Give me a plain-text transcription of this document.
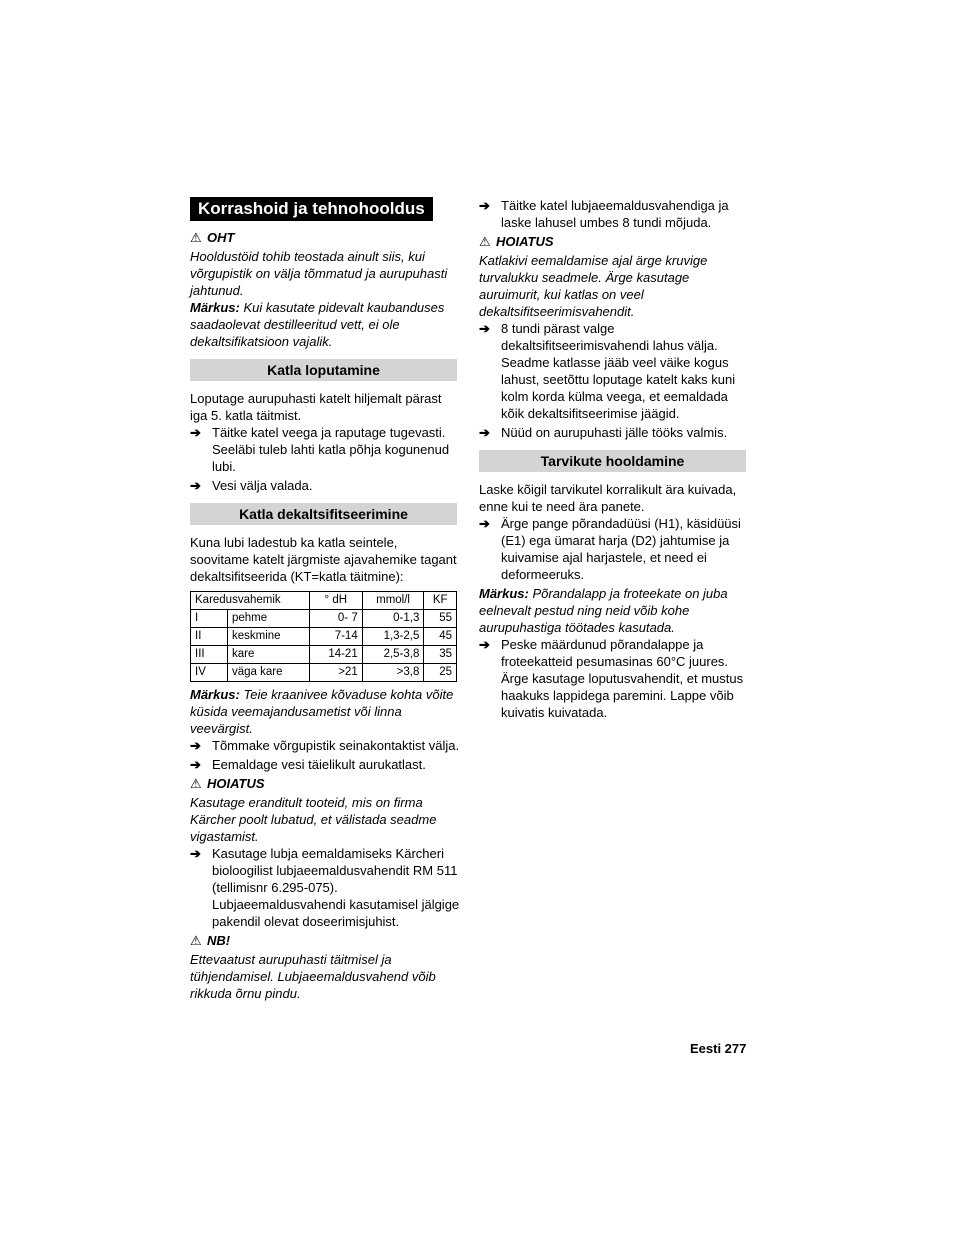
Korrashoid ja tehnohooldus
⚠ OHT

Hooldustöid tohib teostada ainult siis, kui võrgupistik on välja tõmmatud ja aurupuhasti jahtunud.

Märkus: Kui kasutate pidevalt kaubanduses saadaolevat destilleeritud vett, ei ole dekaltsifikatsioon vajalik.

Katla loputamine

Loputage aurupuhasti katelt hiljemalt pärast iga 5. katla täitmist.

➔ Täitke katel veega ja raputage tugevasti. Seeläbi tuleb lahti katla põhja kogunenud lubi.
➔ Vesi välja valada.
Katla dekaltsifitseerimine

Kuna lubi ladestub ka katla seintele, soovitame katelt järgmiste ajavahemike tagant dekaltsifitseerida (KT=katla täitmine):

Karedusvahemik		° dH	mmol/l	KF
I	pehme	0- 7	0-1,3	55
II	keskmine	7-14	1,3-2,5	45
III	kare	14-21	2,5-3,8	35
IV	väga kare	>21	>3,8	25

Märkus: Teie kraanivee kõvaduse kohta võite küsida veemajandusametist või linna veevärgist.

➔ Tõmmake võrgupistik seinakontaktist välja.
➔ Eemaldage vesi täielikult aurukatlast.
⚠ HOIATUS

Kasutage eranditult tooteid, mis on firma Kärcher poolt lubatud, et välistada seadme vigastamist.

➔ Kasutage lubja eemaldamiseks Kärcheri bioloogilist lubjaeemaldusvahendit RM 511 (tellimisnr 6.295-075). Lubjaeemaldusvahendi kasutamisel jälgige pakendil olevat doseerimisjuhist.
⚠ NB!

Ettevaatust aurupuhasti täitmisel ja tühjendamisel. Lubjaeemaldusvahend võib rikkuda õrnu pindu.

➔ Täitke katel lubjaeemaldusvahendiga ja laske lahusel umbes 8 tundi mõjuda.
⚠ HOIATUS

Katlakivi eemaldamise ajal ärge kruvige turvalukku seadmele. Ärge kasutage auruimurit, kui katlas on veel dekaltsifitseerimisvahendit.

➔ 8 tundi pärast valge dekaltsifitseerimisvahendi lahus välja. Seadme katlasse jääb veel väike kogus lahust, seetõttu loputage katelt kaks kuni kolm korda külma veega, et eemaldada kõik dekaltsifitseerimise jäägid.
➔ Nüüd on aurupuhasti jälle tööks valmis.
Tarvikute hooldamine

Laske kõigil tarvikutel korralikult ära kuivada, enne kui te need ära panete.

➔ Ärge pange põrandadüüsi (H1), käsidüüsi (E1) ega ümarat harja (D2) jahtumise ja kuivamise ajal harjastele, et need ei deformeeruks.

Märkus: Põrandalapp ja froteekate on juba eelnevalt pestud ning neid võib kohe aurupuhastiga töötades kasutada.

➔ Peske määrdunud põrandalappe ja froteekatteid pesumasinas 60°C juures. Ärge kasutage loputusvahendit, et mustus haakuks lappidega paremini. Lappe võib kuivatis kuivatada.
Eesti 277
